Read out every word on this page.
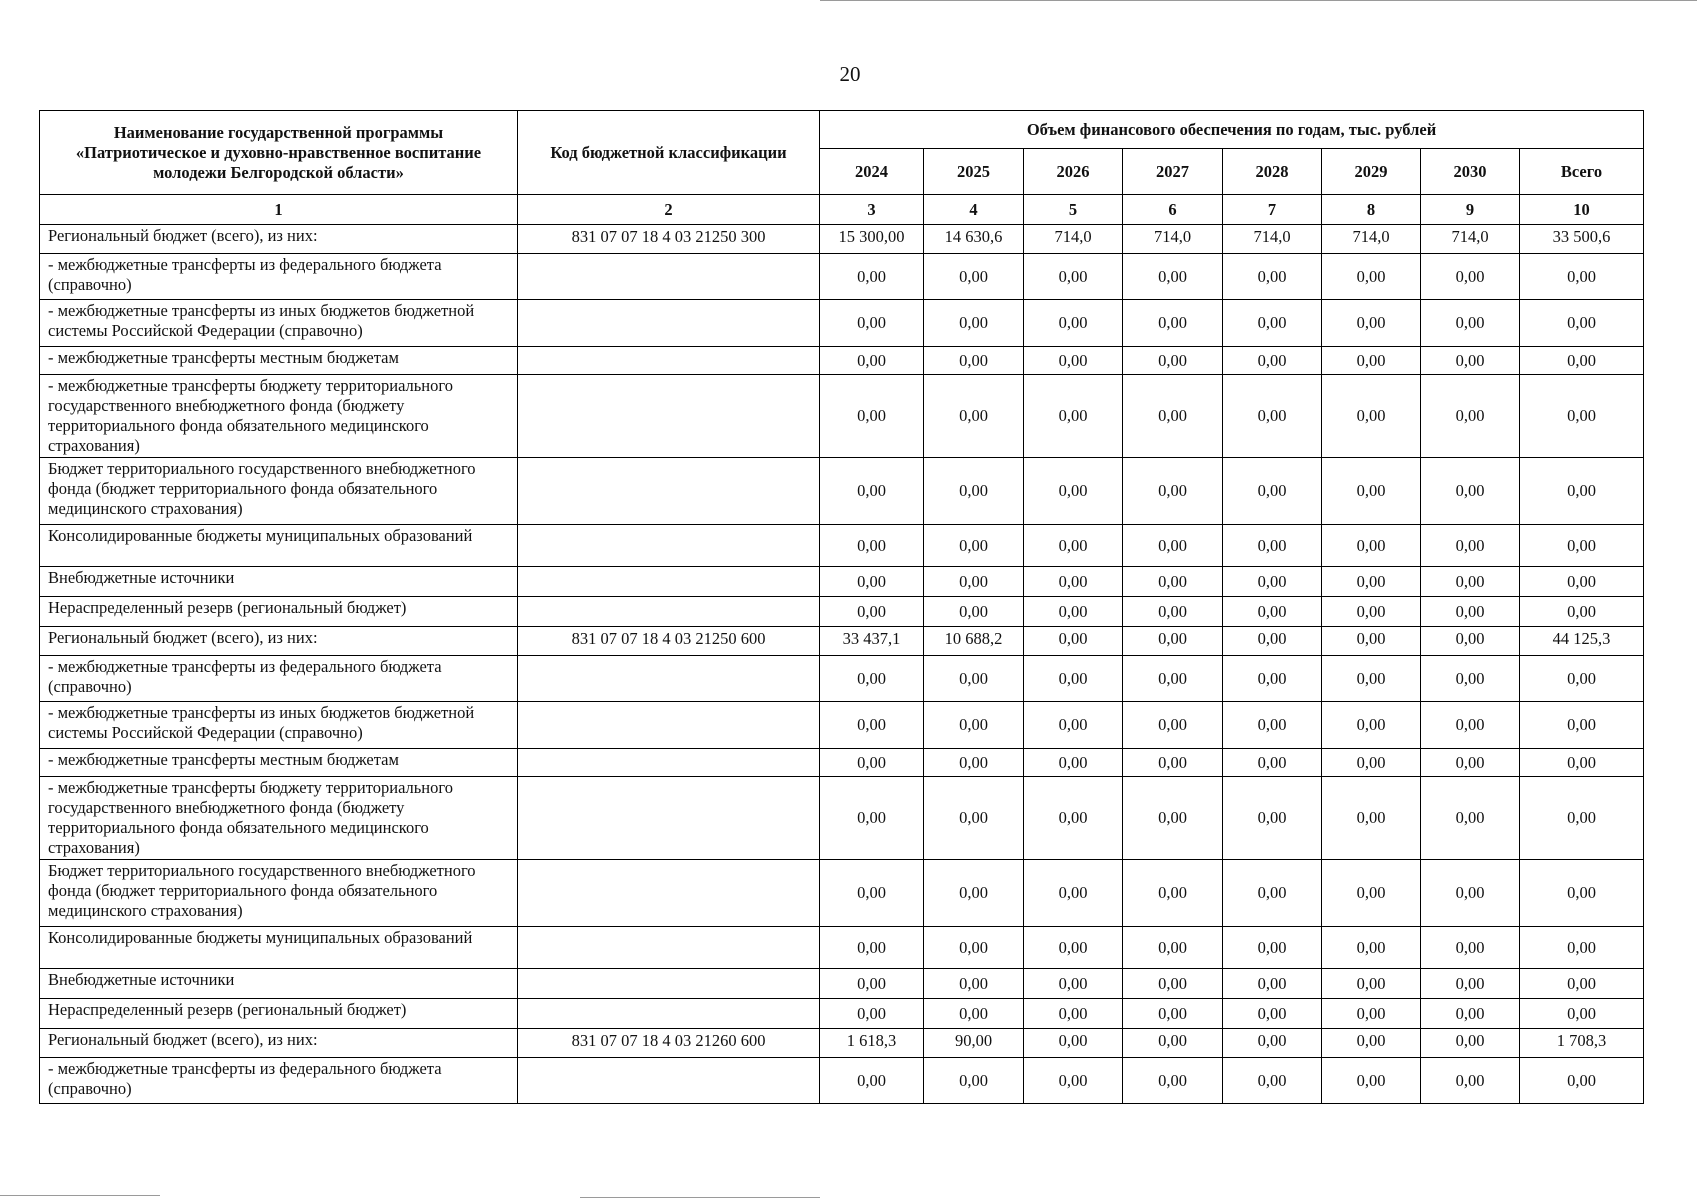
20
Наименование государственной программы «Патриотическое и духовно-нравственное воспитание молодежи Белгородской области»	Код бюджетной классификации	Объем финансового обеспечения по годам, тыс. рублей							
		2024	2025	2026	2027	2028	2029	2030	Всего
1	2	3	4	5	6	7	8	9	10
Региональный бюджет (всего), из них:	831 07 07 18 4 03 21250 300	15 300,00	14 630,6	714,0	714,0	714,0	714,0	714,0	33 500,6
- межбюджетные трансферты из федерального бюджета (справочно)		0,00	0,00	0,00	0,00	0,00	0,00	0,00	0,00
- межбюджетные трансферты из иных бюджетов бюджетной системы Российской Федерации (справочно)		0,00	0,00	0,00	0,00	0,00	0,00	0,00	0,00
- межбюджетные трансферты местным бюджетам		0,00	0,00	0,00	0,00	0,00	0,00	0,00	0,00
- межбюджетные трансферты бюджету территориального государственного внебюджетного фонда (бюджету территориального фонда обязательного медицинского страхования)		0,00	0,00	0,00	0,00	0,00	0,00	0,00	0,00
Бюджет территориального государственного внебюджетного фонда (бюджет территориального фонда обязательного медицинского страхования)		0,00	0,00	0,00	0,00	0,00	0,00	0,00	0,00
Консолидированные бюджеты муниципальных образований		0,00	0,00	0,00	0,00	0,00	0,00	0,00	0,00
Внебюджетные источники		0,00	0,00	0,00	0,00	0,00	0,00	0,00	0,00
Нераспределенный резерв (региональный бюджет)		0,00	0,00	0,00	0,00	0,00	0,00	0,00	0,00
Региональный бюджет (всего), из них:	831 07 07 18 4 03 21250 600	33 437,1	10 688,2	0,00	0,00	0,00	0,00	0,00	44 125,3
- межбюджетные трансферты из федерального бюджета (справочно)		0,00	0,00	0,00	0,00	0,00	0,00	0,00	0,00
- межбюджетные трансферты из иных бюджетов бюджетной системы Российской Федерации (справочно)		0,00	0,00	0,00	0,00	0,00	0,00	0,00	0,00
- межбюджетные трансферты местным бюджетам		0,00	0,00	0,00	0,00	0,00	0,00	0,00	0,00
- межбюджетные трансферты бюджету территориального государственного внебюджетного фонда (бюджету территориального фонда обязательного медицинского страхования)		0,00	0,00	0,00	0,00	0,00	0,00	0,00	0,00
Бюджет территориального государственного внебюджетного фонда (бюджет территориального фонда обязательного медицинского страхования)		0,00	0,00	0,00	0,00	0,00	0,00	0,00	0,00
Консолидированные бюджеты муниципальных образований		0,00	0,00	0,00	0,00	0,00	0,00	0,00	0,00
Внебюджетные источники		0,00	0,00	0,00	0,00	0,00	0,00	0,00	0,00
Нераспределенный резерв (региональный бюджет)		0,00	0,00	0,00	0,00	0,00	0,00	0,00	0,00
Региональный бюджет (всего), из них:	831 07 07 18 4 03 21260 600	1 618,3	90,00	0,00	0,00	0,00	0,00	0,00	1 708,3
- межбюджетные трансферты из федерального бюджета (справочно)		0,00	0,00	0,00	0,00	0,00	0,00	0,00	0,00
